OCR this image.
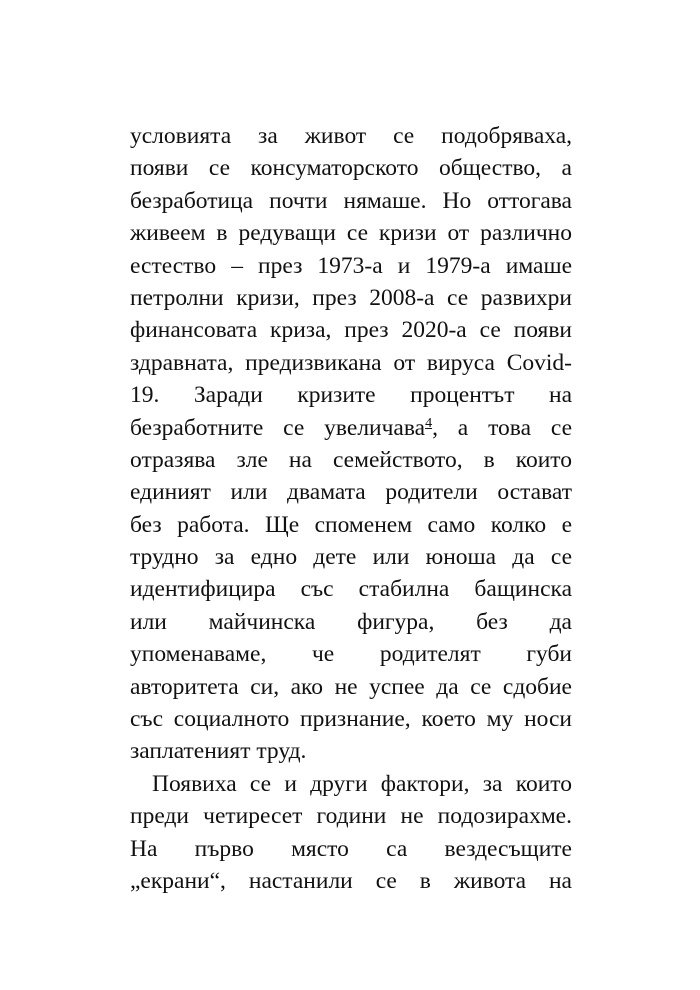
условията за живот се подобряваха,
появи се консуматорското общество, а
безработица почти нямаше. Но оттогава
живеем в редуващи се кризи от различно
естество – през 1973-а и 1979-а имаше
петролни кризи, през 2008-а се развихри
финансовата криза, през 2020-а се появи
здравната, предизвикана от вируса Covid-
19. Заради кризите процентът на
безработните се увеличава$^4$, а това се
отразява зле на семейството, в които
единият или двамата родители остават
без работа. Ще споменем само колко е
трудно за едно дете или юноша да се
идентифицира със стабилна бащинска
или майчинска фигура, без да
упоменаваме, че родителят губи
авторитета си, ако не успее да се сдобие
със социалното признание, което му носи
заплатеният труд.
Появиха се и други фактори, за които
преди четиресет години не подозирахме.
На първо място са вездесъщите
„екрани“, настанили се в живота на
